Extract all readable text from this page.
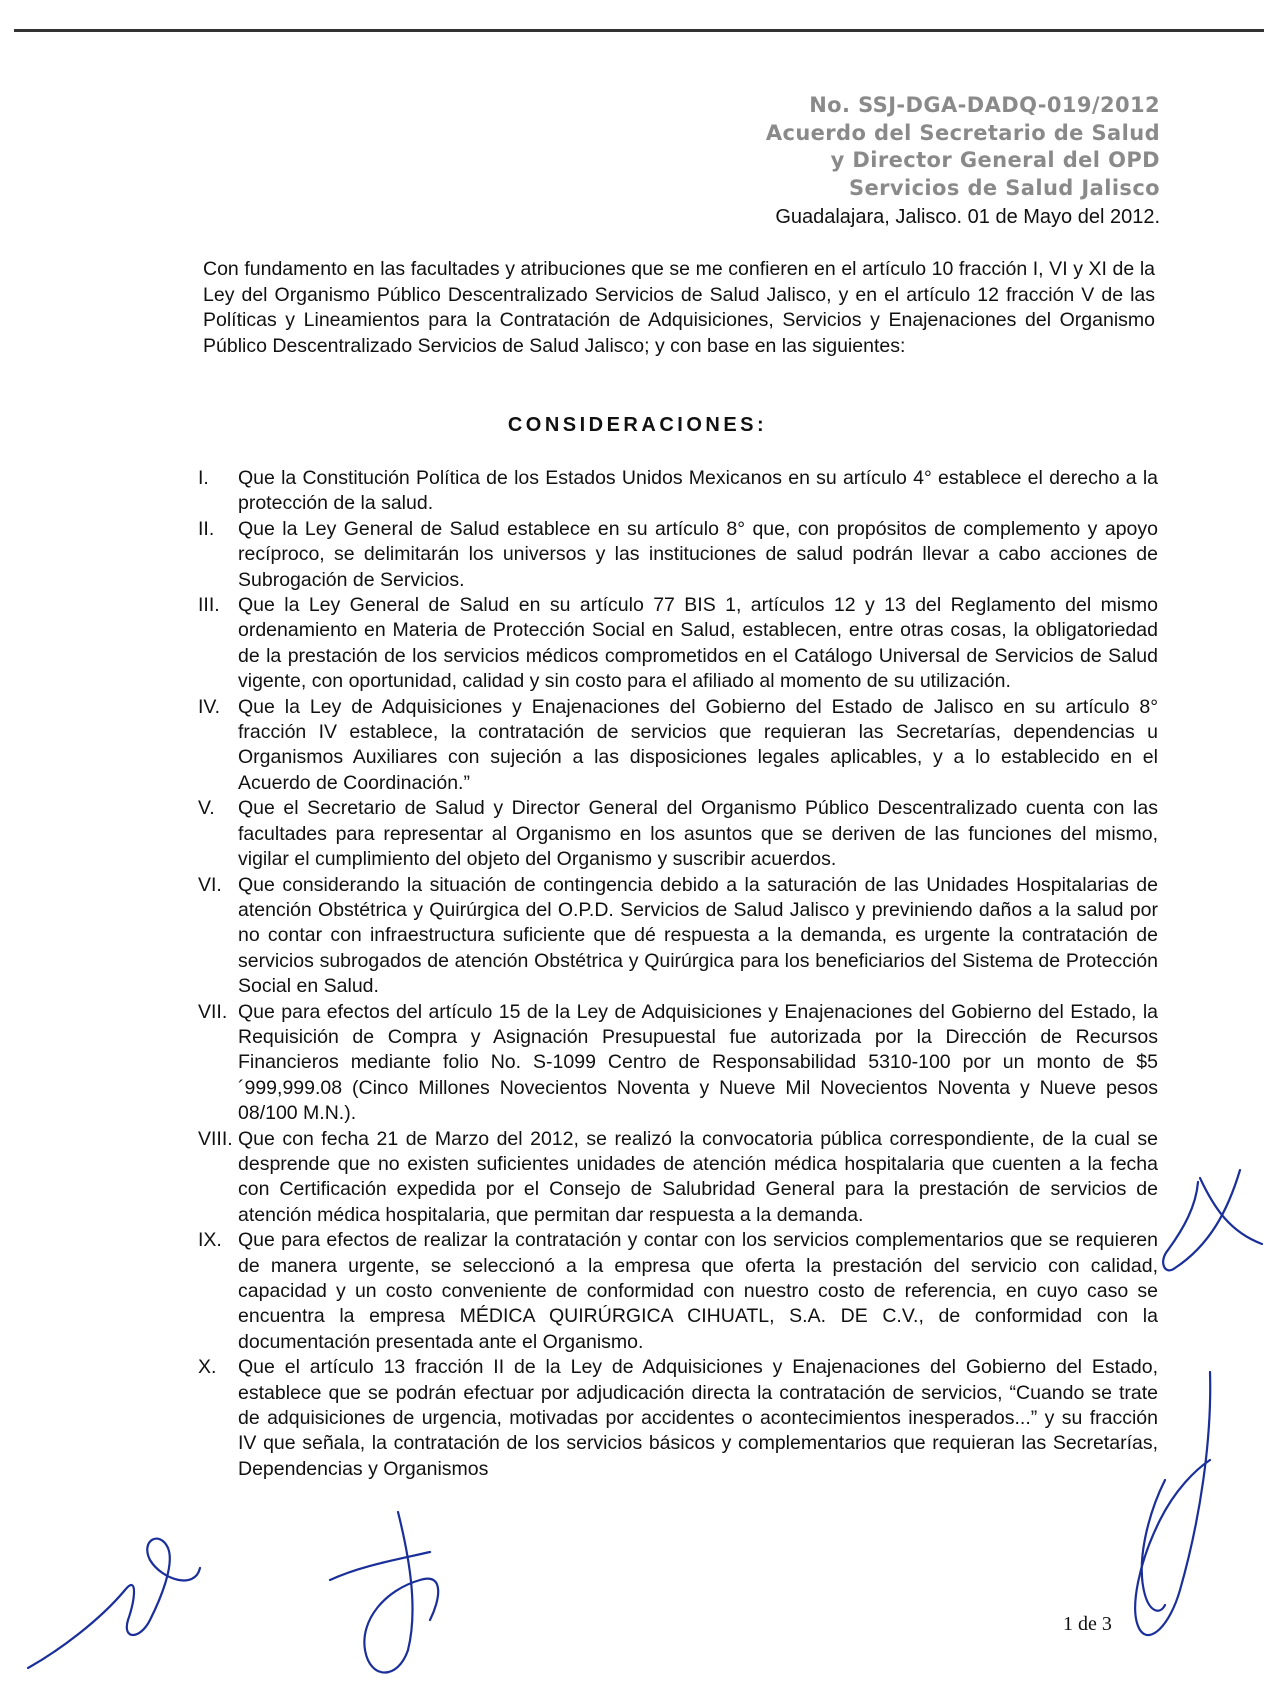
No. SSJ-DGA-DADQ-019/2012
Acuerdo del Secretario de Salud
y Director General del OPD
Servicios de Salud Jalisco
Guadalajara, Jalisco. 01 de Mayo del 2012.

Con fundamento en las facultades y atribuciones que se me confieren en el artículo 10 fracción I, VI y XI de la Ley del Organismo Público Descentralizado Servicios de Salud Jalisco, y en el artículo 12 fracción V de las Políticas y Lineamientos para la Contratación de Adquisiciones, Servicios y Enajenaciones del Organismo Público Descentralizado Servicios de Salud Jalisco; y con base en las siguientes:

CONSIDERACIONES:
I.	Que la Constitución Política de los Estados Unidos Mexicanos en su artículo 4° establece el derecho a la protección de la salud.
II.	Que la Ley General de Salud establece en su artículo 8° que, con propósitos de complemento y apoyo recíproco, se delimitarán los universos y las instituciones de salud podrán llevar a cabo acciones de Subrogación de Servicios.
III. Que la Ley General de Salud en su artículo 77 BIS 1, artículos 12 y 13 del Reglamento del mismo ordenamiento en Materia de Protección Social en Salud, establecen, entre otras cosas, la obligatoriedad de la prestación de los servicios médicos comprometidos en el Catálogo Universal de Servicios de Salud vigente, con oportunidad, calidad y sin costo para el afiliado al momento de su utilización.
IV. Que la Ley de Adquisiciones y Enajenaciones del Gobierno del Estado de Jalisco en su artículo 8° fracción IV establece, la contratación de servicios que requieran las Secretarías, dependencias u Organismos Auxiliares con sujeción a las disposiciones legales aplicables, y a lo establecido en el Acuerdo de Coordinación.”
V.	Que el Secretario de Salud y Director General del Organismo Público Descentralizado cuenta con las facultades para representar al Organismo en los asuntos que se deriven de las funciones del mismo, vigilar el cumplimiento del objeto del Organismo y suscribir acuerdos.
VI. Que considerando la situación de contingencia debido a la saturación de las Unidades Hospitalarias de atención Obstétrica y Quirúrgica del O.P.D. Servicios de Salud Jalisco y previniendo daños a la salud por no contar con infraestructura suficiente que dé respuesta a la demanda, es urgente la contratación de servicios subrogados de atención Obstétrica y Quirúrgica para los beneficiarios del Sistema de Protección Social en Salud.
VII. Que para efectos del artículo 15 de la Ley de Adquisiciones y Enajenaciones del Gobierno del Estado, la Requisición de Compra y Asignación Presupuestal fue autorizada por la Dirección de Recursos Financieros mediante folio No. S-1099 Centro de Responsabilidad 5310-100 por un monto de $5´999,999.08 (Cinco Millones Novecientos Noventa y Nueve Mil Novecientos Noventa y Nueve pesos 08/100 M.N.).
VIII. Que con fecha 21 de Marzo del 2012, se realizó la convocatoria pública correspondiente, de la cual se desprende que no existen suficientes unidades de atención médica hospitalaria que cuenten a la fecha con Certificación expedida por el Consejo de Salubridad General para la prestación de servicios de atención médica hospitalaria, que permitan dar respuesta a la demanda.
IX. Que para efectos de realizar la contratación y contar con los servicios complementarios que se requieren de manera urgente, se seleccionó a la empresa que oferta la prestación del servicio con calidad, capacidad y un costo conveniente de conformidad con nuestro costo de referencia, en cuyo caso se encuentra la empresa MÉDICA QUIRÚRGICA CIHUATL, S.A. DE C.V., de conformidad con la documentación presentada ante el Organismo.
X.	Que el artículo 13 fracción II de la Ley de Adquisiciones y Enajenaciones del Gobierno del Estado, establece que se podrán efectuar por adjudicación directa la contratación de servicios, “Cuando se trate de adquisiciones de urgencia, motivadas por accidentes o acontecimientos inesperados...” y su fracción IV que señala, la contratación de los servicios básicos y complementarios que requieran las Secretarías, Dependencias y Organismos
1 de 3
